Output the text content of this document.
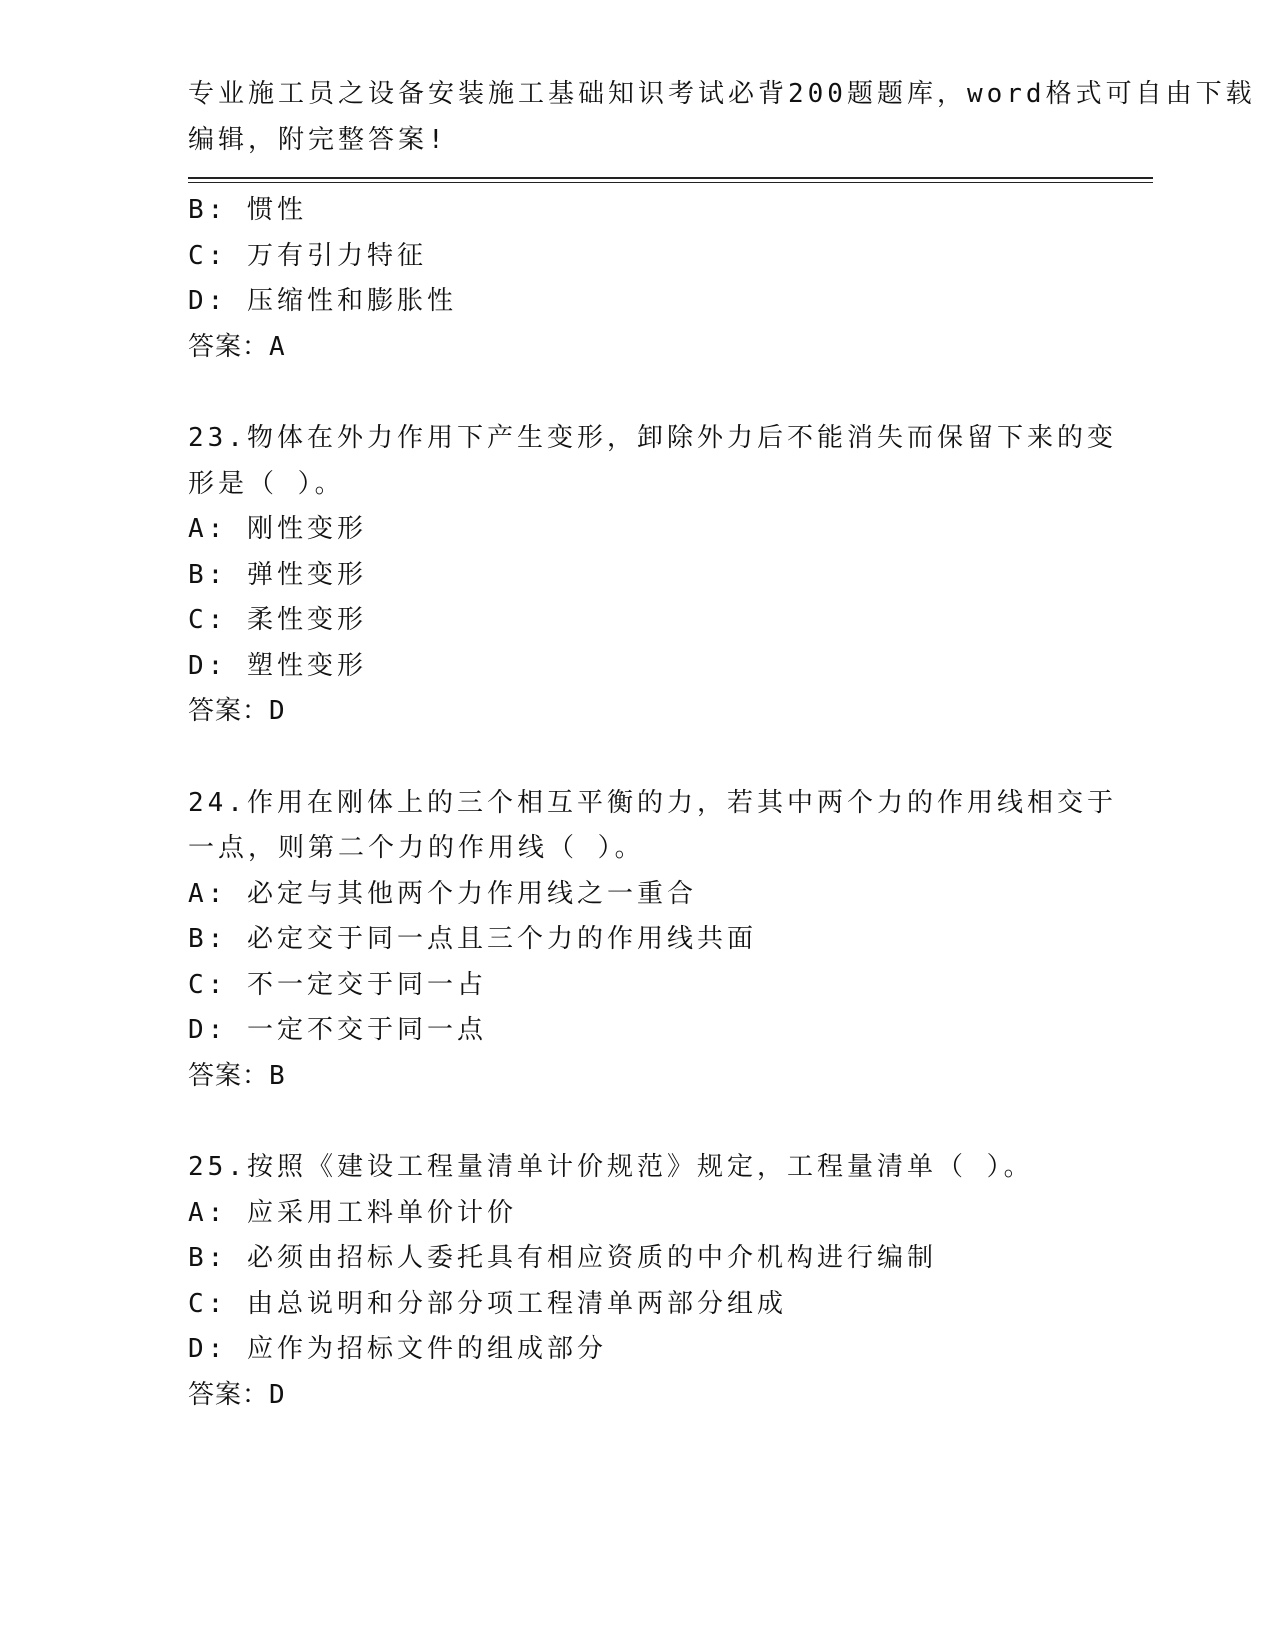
专业施工员之设备安装施工基础知识考试必背200题题库，word格式可自由下载
编辑，附完整答案!
B: 惯性
C: 万有引力特征
D: 压缩性和膨胀性
答案：A
23.物体在外力作用下产生变形，卸除外力后不能消失而保留下来的变
形是（ ）。
A: 刚性变形
B: 弹性变形
C: 柔性变形
D: 塑性变形
答案：D
24.作用在刚体上的三个相互平衡的力，若其中两个力的作用线相交于
一点，则第二个力的作用线（ ）。
A: 必定与其他两个力作用线之一重合
B: 必定交于同一点且三个力的作用线共面
C: 不一定交于同一占
D: 一定不交于同一点
答案：B
25.按照《建设工程量清单计价规范》规定，工程量清单（ ）。
A: 应采用工料单价计价
B: 必须由招标人委托具有相应资质的中介机构进行编制
C: 由总说明和分部分项工程清单两部分组成
D: 应作为招标文件的组成部分
答案：D
